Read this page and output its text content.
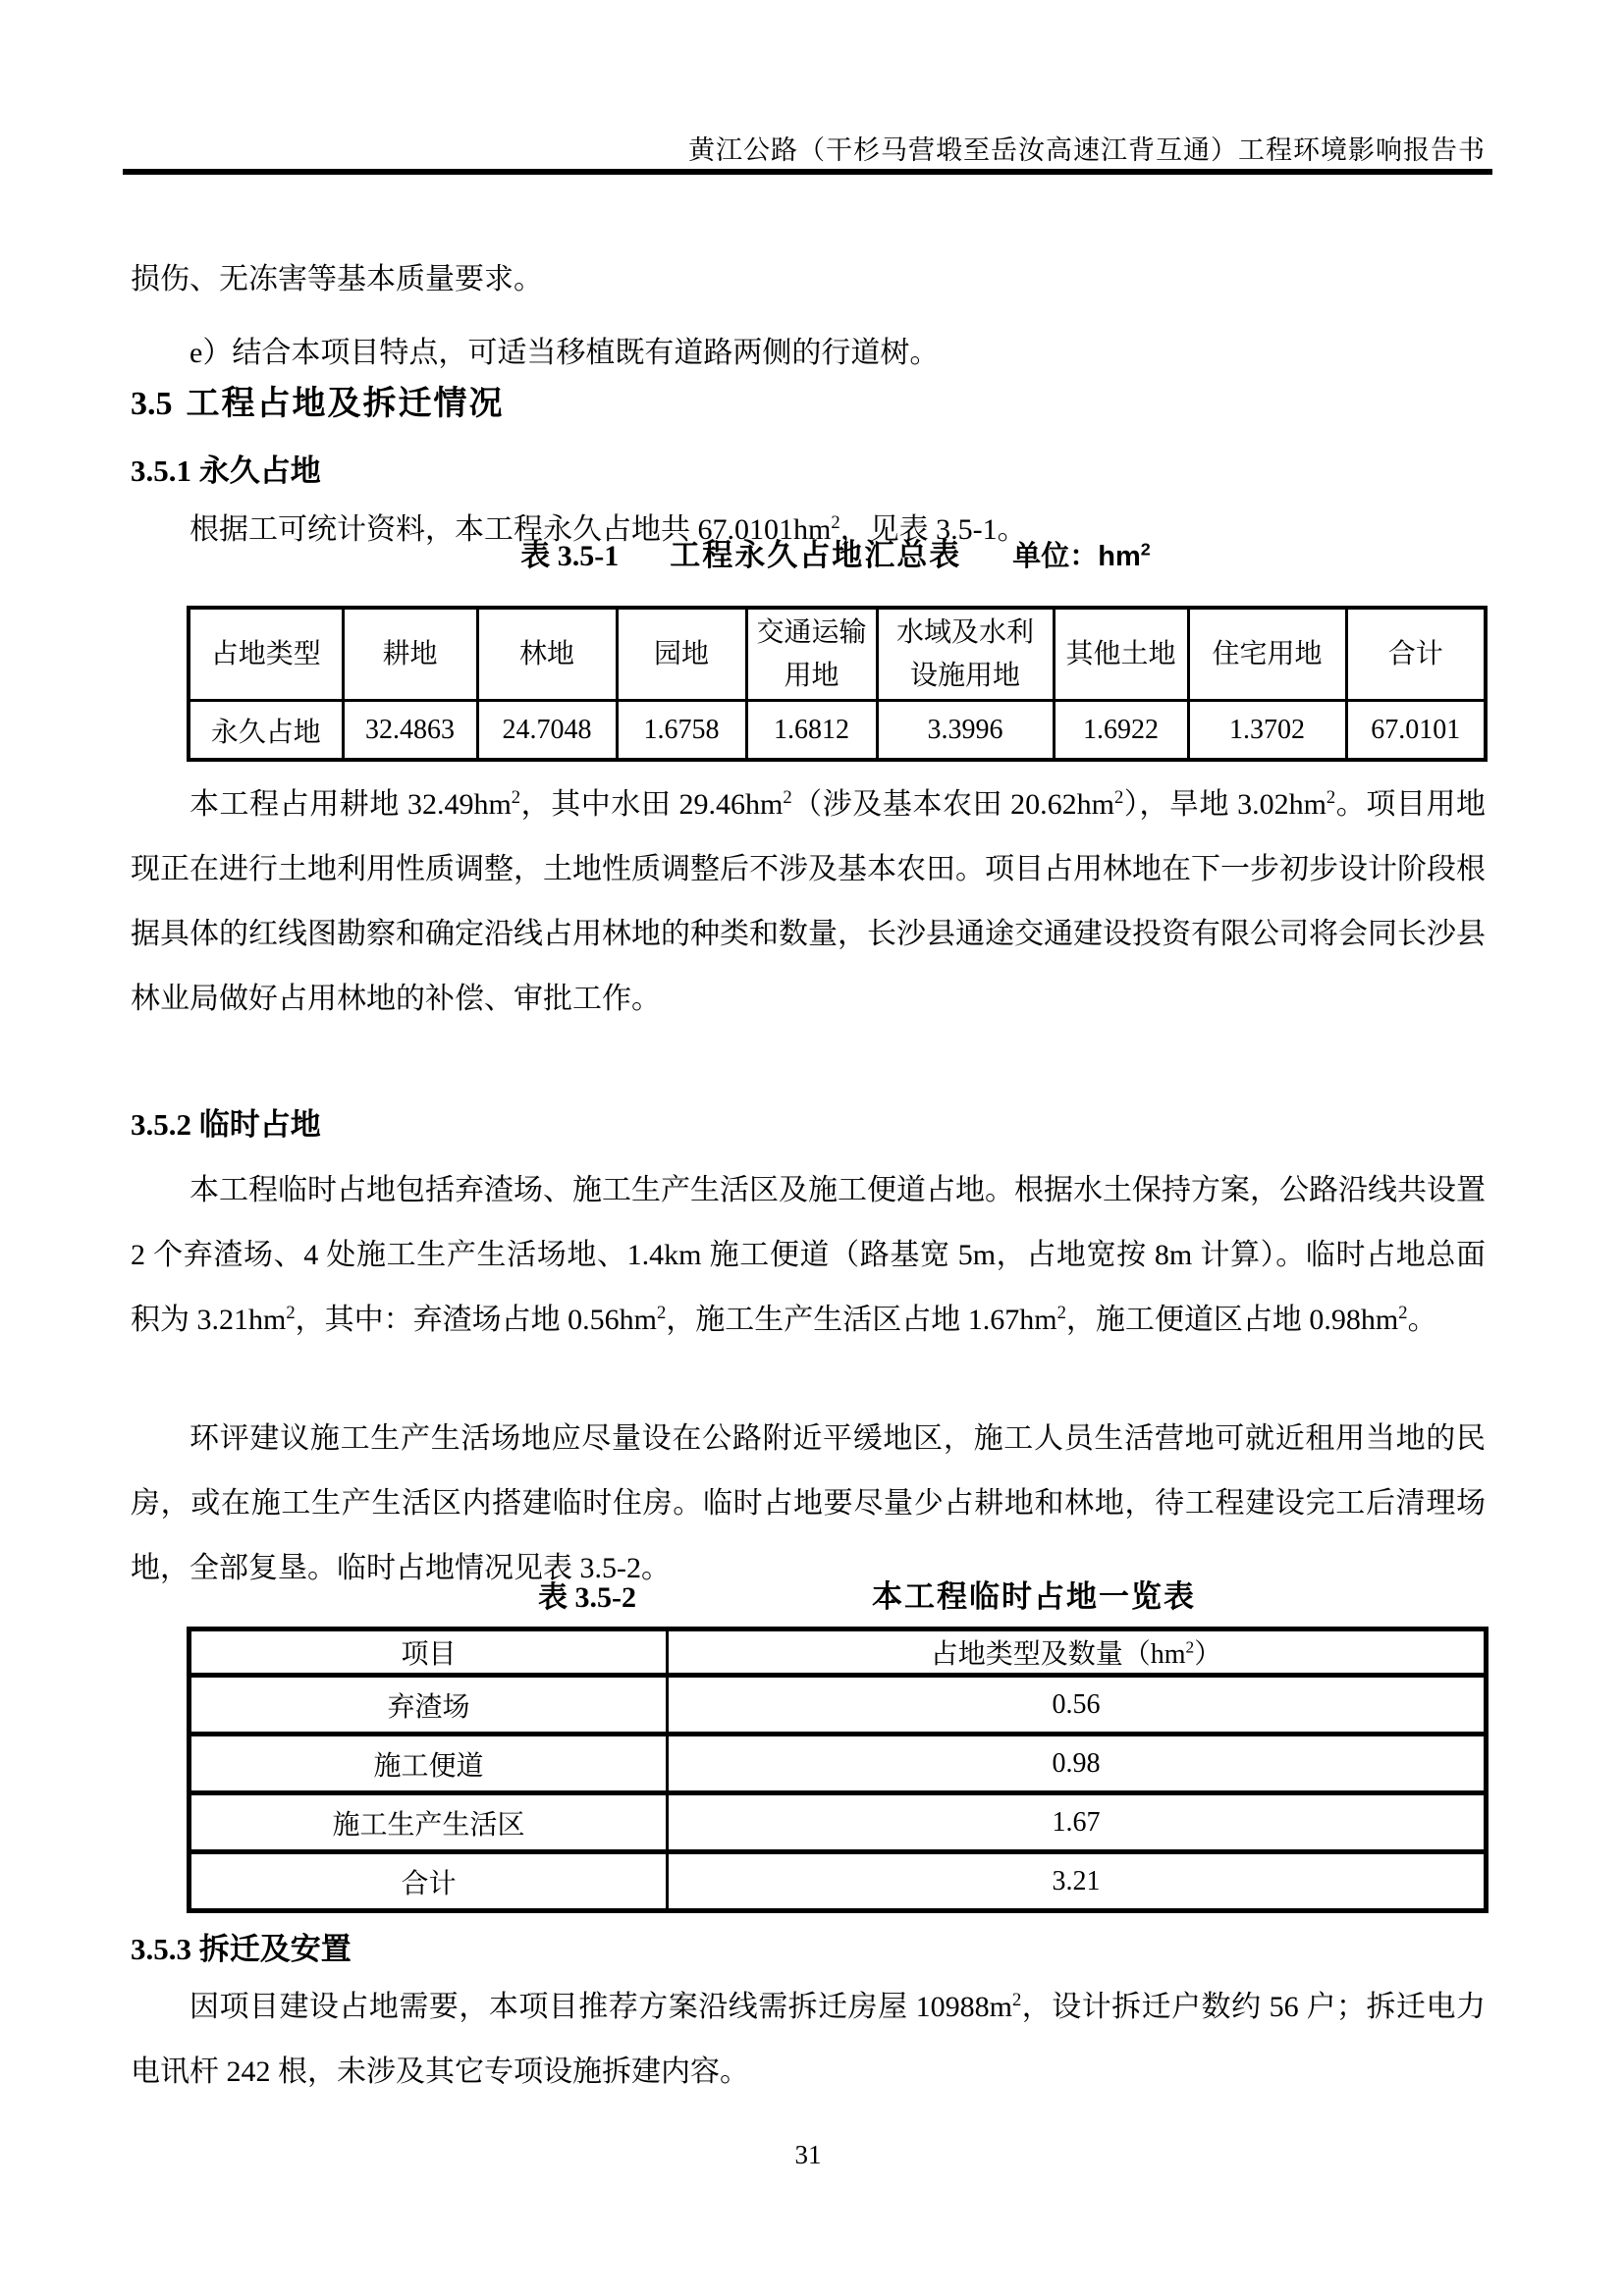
黄江公路（干杉马营塅至岳汝高速江背互通）工程环境影响报告书

损伤、无冻害等基本质量要求。

e）结合本项目特点，可适当移植既有道路两侧的行道树。

3.5 工程占地及拆迁情况
3.5.1 永久占地

根据工可统计资料，本工程永久占地共 $67.0101hm^2$，见表 3.5-1。

表 3.5-1 工程永久占地汇总表 单位：$hm^2$
占地类型	耕地	林地	园地	交通运输用地	水域及水利设施用地	其他土地	住宅用地	合计
永久占地	32.4863	24.7048	1.6758	1.6812	3.3996	1.6922	1.3702	67.0101

本工程占用耕地 $32.49hm^2$，其中水田 $29.46hm^2$（涉及基本农田 $20.62hm^2$），旱地 $3.02hm^2$。项目用地现正在进行土地利用性质调整，土地性质调整后不涉及基本农田。项目占用林地在下一步初步设计阶段根据具体的红线图勘察和确定沿线占用林地的种类和数量，长沙县通途交通建设投资有限公司将会同长沙县林业局做好占用林地的补偿、审批工作。

3.5.2 临时占地

本工程临时占地包括弃渣场、施工生产生活区及施工便道占地。根据水土保持方案，公路沿线共设置 2 个弃渣场、4 处施工生产生活场地、1.4km 施工便道（路基宽 5m，占地宽按 8m 计算）。临时占地总面积为 $3.21hm^2$，其中：弃渣场占地 $0.56hm^2$，施工生产生活区占地 $1.67hm^2$，施工便道区占地 $0.98hm^2$。

环评建议施工生产生活场地应尽量设在公路附近平缓地区，施工人员生活营地可就近租用当地的民房，或在施工生产生活区内搭建临时住房。临时占地要尽量少占耕地和林地，待工程建设完工后清理场地，全部复垦。临时占地情况见表 3.5-2。

表 3.5-2	本工程临时占地一览表
项目	占地类型及数量$(hm^2)$
弃渣场	0.56
施工便道	0.98
施工生产生活区	1.67
合计	3.21
3.5.3 拆迁及安置

因项目建设占地需要，本项目推荐方案沿线需拆迁房屋 $10988m^2$，设计拆迁户数约 56 户；拆迁电力电讯杆 242 根，未涉及其它专项设施拆建内容。

31
